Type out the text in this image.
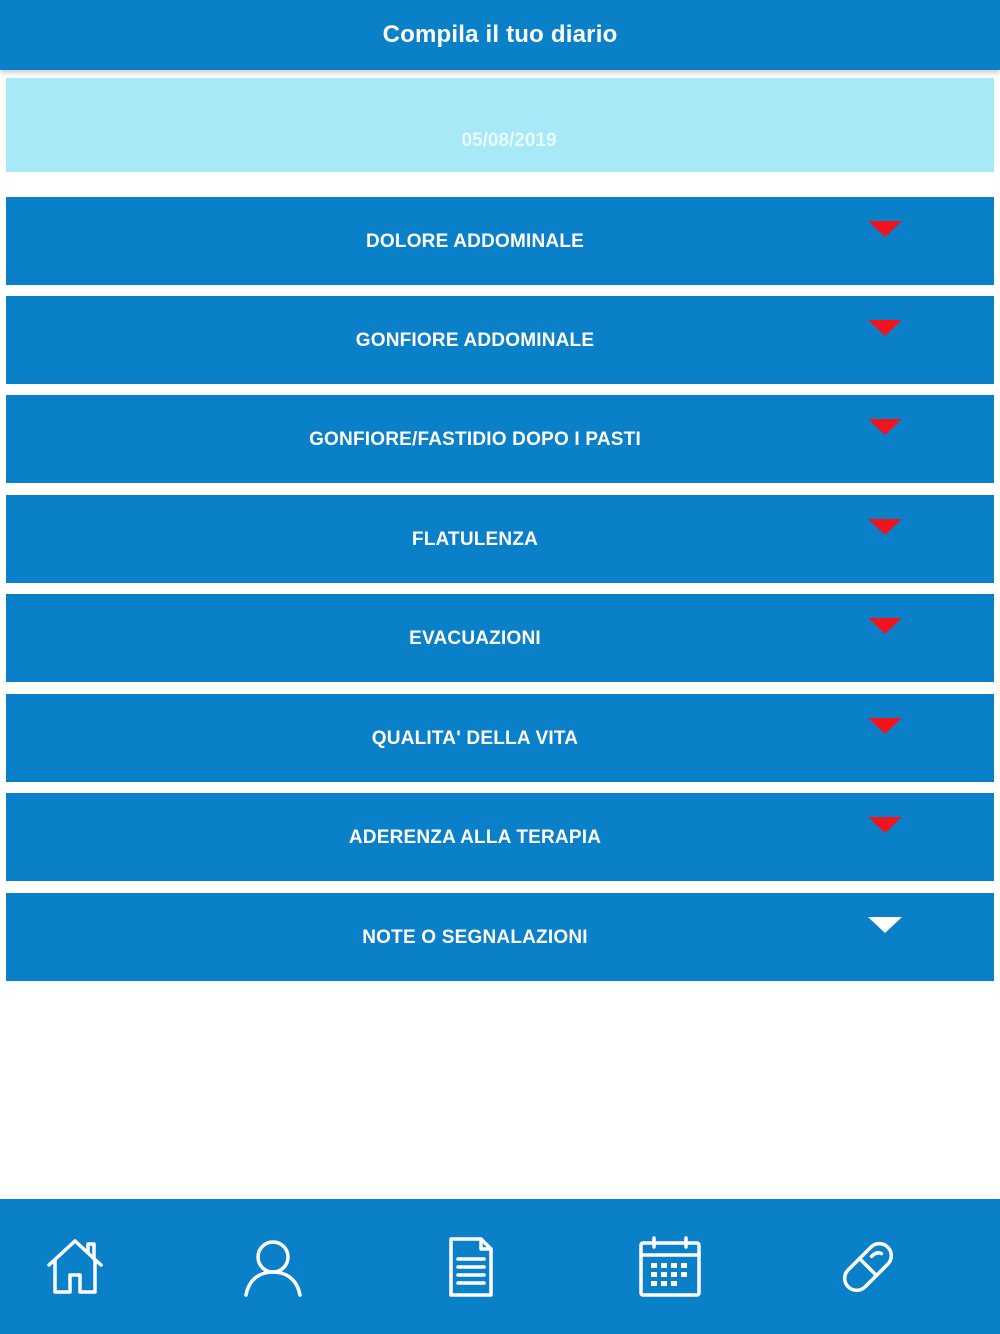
Compila il tuo diario
05/08/2019
DOLORE ADDOMINALE
GONFIORE ADDOMINALE
GONFIORE/FASTIDIO DOPO I PASTI
FLATULENZA
EVACUAZIONI
QUALITA' DELLA VITA
ADERENZA ALLA TERAPIA
NOTE O SEGNALAZIONI
